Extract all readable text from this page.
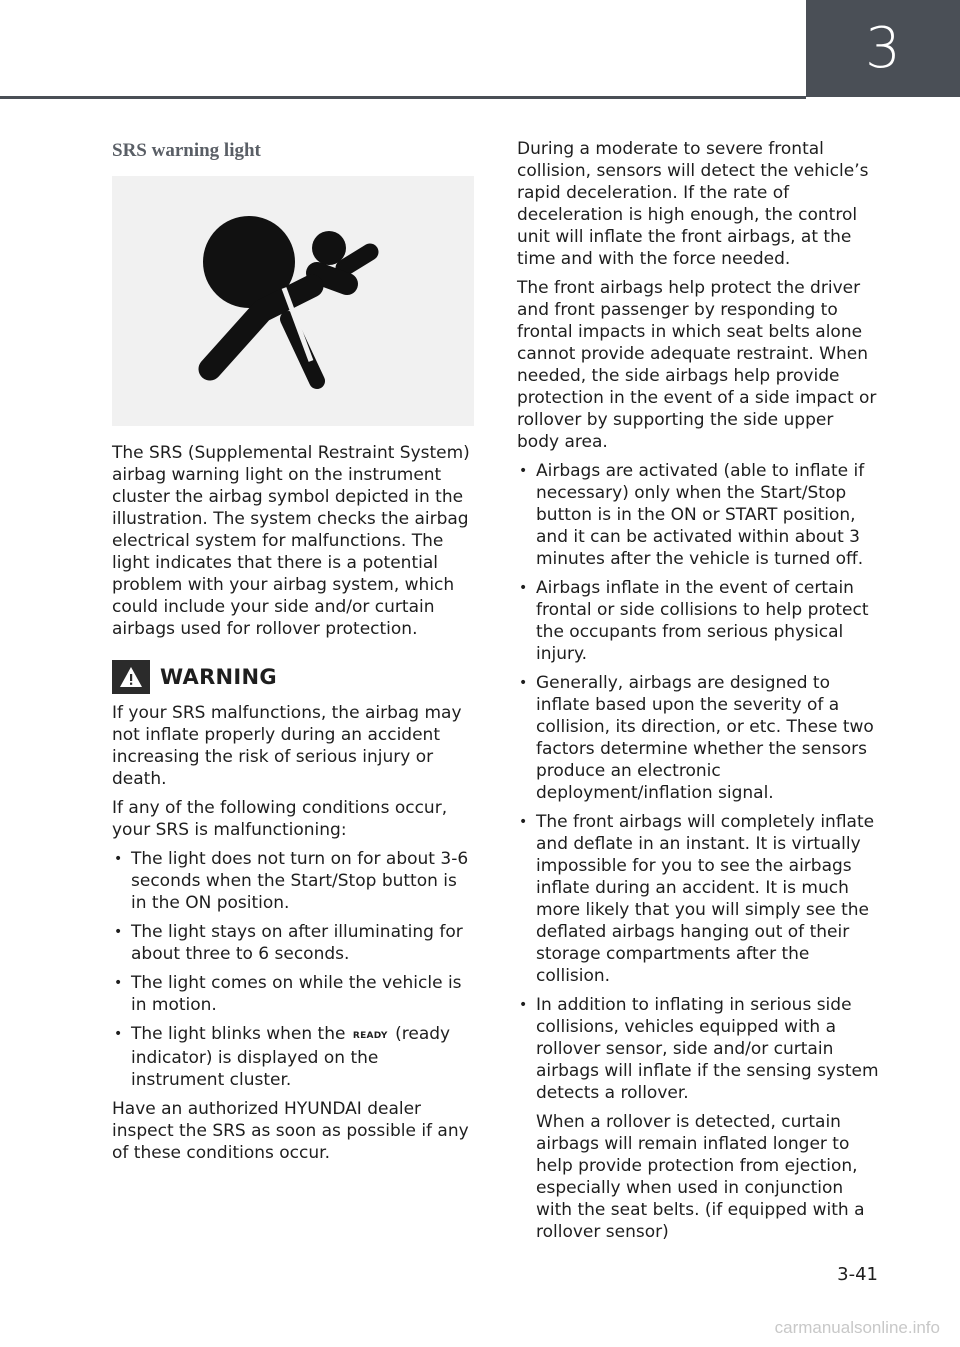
3
SRS warning light

The SRS (Supplemental Restraint System) airbag warning light on the instrument cluster the airbag symbol depicted in the illustration. The system checks the airbag electrical system for malfunctions. The light indicates that there is a potential problem with your airbag system, which could include your side and/or curtain airbags used for rollover protection.

WARNING

If your SRS malfunctions, the airbag may not inflate properly during an accident increasing the risk of serious injury or death.

If any of the following conditions occur, your SRS is malfunctioning:

• The light does not turn on for about 3-6 seconds when the Start/Stop button is in the ON position.
• The light stays on after illuminating for about three to 6 seconds.
• The light comes on while the vehicle is in motion.
• The light blinks when the READY (ready indicator) is displayed on the instrument cluster.

Have an authorized HYUNDAI dealer inspect the SRS as soon as possible if any of these conditions occur.

During a moderate to severe frontal collision, sensors will detect the vehicle’s rapid deceleration. If the rate of deceleration is high enough, the control unit will inflate the front airbags, at the time and with the force needed.

The front airbags help protect the driver and front passenger by responding to frontal impacts in which seat belts alone cannot provide adequate restraint. When needed, the side airbags help provide protection in the event of a side impact or rollover by supporting the side upper body area.

• Airbags are activated (able to inflate if necessary) only when the Start/Stop button is in the ON or START position, and it can be activated within about 3 minutes after the vehicle is turned off.
• Airbags inflate in the event of certain frontal or side collisions to help protect the occupants from serious physical injury.
• Generally, airbags are designed to inflate based upon the severity of a collision, its direction, or etc. These two factors determine whether the sensors produce an electronic deployment/inflation signal.
• The front airbags will completely inflate and deflate in an instant. It is virtually impossible for you to see the airbags inflate during an accident. It is much more likely that you will simply see the deflated airbags hanging out of their storage compartments after the collision.
• In addition to inflating in serious side collisions, vehicles equipped with a rollover sensor, side and/or curtain airbags will inflate if the sensing system detects a rollover.
When a rollover is detected, curtain airbags will remain inflated longer to help provide protection from ejection, especially when used in conjunction with the seat belts. (if equipped with a rollover sensor)
3-41
carmanualsonline.info
